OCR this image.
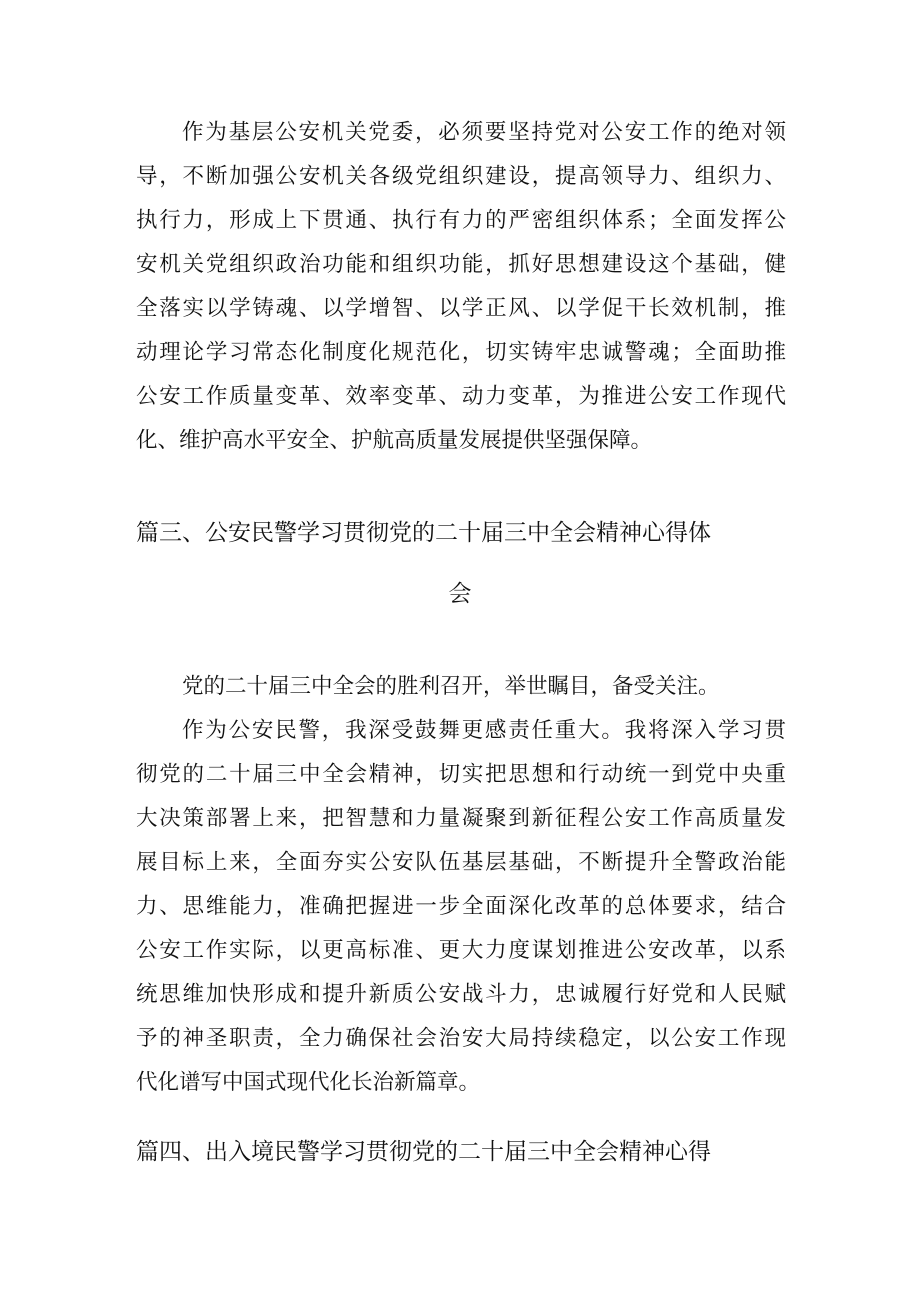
作为基层公安机关党委，必须要坚持党对公安工作的绝对领
导，不断加强公安机关各级党组织建设，提高领导力、组织力、
执行力，形成上下贯通、执行有力的严密组织体系；全面发挥公
安机关党组织政治功能和组织功能，抓好思想建设这个基础，健
全落实以学铸魂、以学增智、以学正风、以学促干长效机制，推
动理论学习常态化制度化规范化，切实铸牢忠诚警魂；全面助推
公安工作质量变革、效率变革、动力变革，为推进公安工作现代
化、维护高水平安全、护航高质量发展提供坚强保障。
篇三、公安民警学习贯彻党的二十届三中全会精神心得体
会
党的二十届三中全会的胜利召开，举世瞩目，备受关注。
作为公安民警，我深受鼓舞更感责任重大。我将深入学习贯
彻党的二十届三中全会精神，切实把思想和行动统一到党中央重
大决策部署上来，把智慧和力量凝聚到新征程公安工作高质量发
展目标上来，全面夯实公安队伍基层基础，不断提升全警政治能
力、思维能力，准确把握进一步全面深化改革的总体要求，结合
公安工作实际，以更高标准、更大力度谋划推进公安改革，以系
统思维加快形成和提升新质公安战斗力，忠诚履行好党和人民赋
予的神圣职责，全力确保社会治安大局持续稳定，以公安工作现
代化谱写中国式现代化长治新篇章。
篇四、出入境民警学习贯彻党的二十届三中全会精神心得
